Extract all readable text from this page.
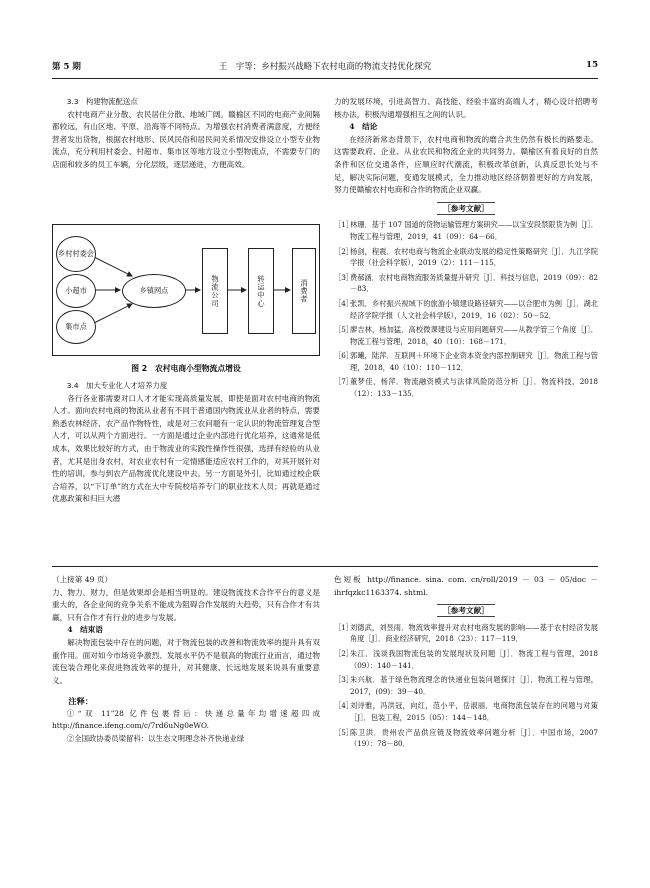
第 5 期	王　宇等：乡村振兴战略下农村电商的物流支持优化探究	15

3.3　构建物流配送点

农村电商产业分散、农民居住分散、地域广阔。赣榆区不同的电商产业间隔都较远，有山区地、平原、沿海等不同特点。为增强农村消费者满意度，方便经营者发出货物，根据农村地形、民风民俗和居民间关系情况安排设立小型专业物流点，充分利用村委会、村超市、集市区等地方设立小型物流点，不需要专门的店面和较多的员工车辆，分化层级，逐层递进，方便高效。

乡村村委会
小超市
集市点
乡镇网点	物流公司	转运中心	消费者
图 2　农村电商小型物流点增设

3.4　加大专业化人才培养力度

各行各业都需要对口人才才能实现高质量发展，即使是面对农村电商的物流人才。面向农村电商的物流从业者有不同于普通国内物流业从业者的特点，需要熟悉农林经济、农产品作物特性，或是对三农问题有一定认识的物流管理复合型人才，可以从两个方面进行。一方面是通过企业内部进行优化培养，这通常是低成本，效果比较好的方式，由于物流业的实践性操作性很强，选择有经验的从业者，尤其是出身农村，对农业农村有一定情感能适应农村工作的，对其开展针对性的培训，参与到农产品物流优化建设中去。另一方面是外引，比如通过校企联合培养，以“下订单”的方式在大中专院校培养专门的职业技术人员；再就是通过优惠政策和归巨大潜

力的发展环境，引进高智力、高技能、经验丰富的高端人才，精心设计招聘考核办法，积极沟通增强相互之间的认识。

4　结论

在经济新常态背景下，农村电商和物流的磨合共生仍然有极长的路要走。这需要政府、企业、从业农民和物流企业的共同努力。赣榆区有着良好的自然条件和区位交通条件，应顺应时代潮流，积极改革创新，认真反思长处与不足，解决实际问题，变通发展模式，全力推动地区经济朝着更好的方向发展，努力使赣榆农村电商和合作的物流企业双赢。

［参考文献］
［1］
林珊．基于 107 国道的货物运输管理方案研究——以宝安段禁限货为例［J］．物流工程与管理，2019，41（09）：64－66．
［2］
杨剑，程震．农村电商与物流企业联动发展的稳定性策略研究［J］．九江学院学报（社会科学版），2019（2）：111－115．
［3］
费郝涵．农村电商物流服务质量提升研究［J］．科技与信息，2019（09）：82－83．
［4］
张凯．乡村振兴视域下的旅游小镇建设路径研究——以合肥市为例［J］．湖北经济学院学报（人文社会科学版），2019，16（02）：50－52．
［5］
廖吉林，杨加猛．高校微课建设与应用问题研究——从教学管三个角度［J］．物流工程与管理，2018，40（10）：168－171．
［6］
郭曦，陆萍．互联网＋环境下企业资本资金内部控制研究［J］．物流工程与管理，2018，40（10）：110－112．
［7］
董梦佳，杨萍．物流融资模式与法律风险防范分析［J］．物流科技，2018（12）：133－135．

（上接第 49 页）

力、物力、财力，但是效果却会是相当明显的。建设物流技术合作平台的意义是重大的，各企业间的竞争关系不能成为阻碍合作发展的大趋势，只有合作才有共赢，只有合作才有行业的进步与发展。

4　结束语

解决物流包装中存在的问题，对于物流包装的改善和物流效率的提升具有双重作用。面对如今市场竞争激烈、发展水平仍不是很高的物流行业而言，通过物流包装合理化来促进物流效率的提升，对其健康、长远地发展来说具有重要意义。

注释：

①“双 11”28 亿件包裹背后：快递总量年均增速超四成 http://finance.ifeng.com/c/7rd6uNg0eWO.

②全国政协委员梁留科：以生态文明理念补齐快递业绿

色短板 http://finance. sina. com. cn/roll/2019 － 03 － 05/doc － ihrfqzkc1163374. shtml.

［参考文献］
［1］
刘德武，刘昱雨．物流效率提升对农村电商发展的影响——基于农村经济发展角度［J］．商业经济研究，2018（23）：117－119．
［2］
朱江．浅谈我国物流包装的发展现状及问题［J］．物流工程与管理，2018（09）：140－141．
［3］
朱兴航．基于绿色物流理念的快递业包装问题探讨［J］．物流工程与管理，2017，(09)：39－40．
［4］
刘诗雅，冯洪冠，向红，范小平，岳淑丽．电商物流包装存在的问题与对策［J］．包装工程，2015（05）：144－148．
［5］
陈卫洪．贵州农产品供应链及物流效率问题分析［J］．中国市场，2007（19）：78－80．
